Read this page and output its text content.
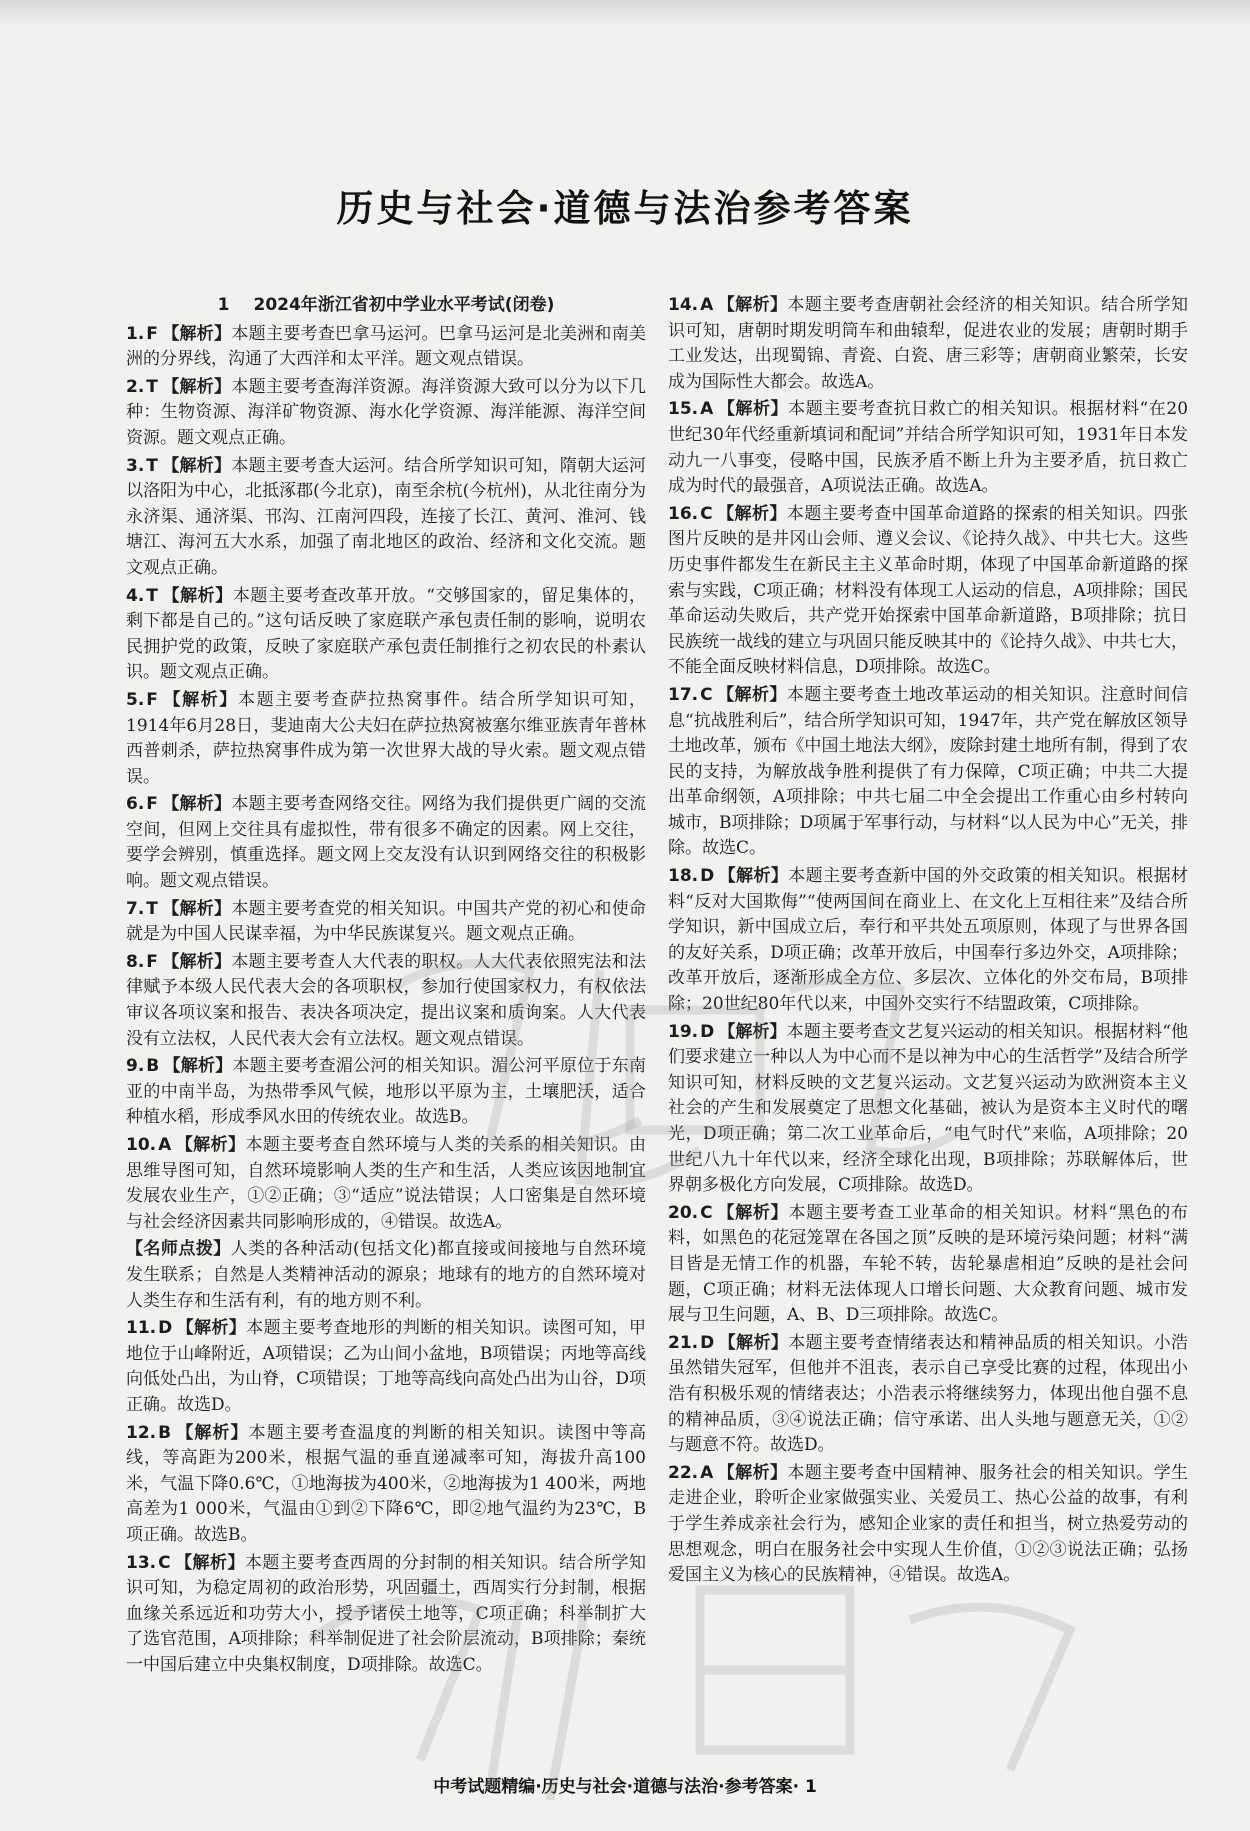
历史与社会·道德与法治参考答案
1 2024年浙江省初中学业水平考试(闭卷)

1. F 【解析】本题主要考查巴拿马运河。巴拿马运河是北美洲和南美洲的分界线，沟通了大西洋和太平洋。题文观点错误。

2. T 【解析】本题主要考查海洋资源。海洋资源大致可以分为以下几种：生物资源、海洋矿物资源、海水化学资源、海洋能源、海洋空间资源。题文观点正确。

3. T 【解析】本题主要考查大运河。结合所学知识可知，隋朝大运河以洛阳为中心，北抵涿郡(今北京)，南至余杭(今杭州)，从北往南分为永济渠、通济渠、邗沟、江南河四段，连接了长江、黄河、淮河、钱塘江、海河五大水系，加强了南北地区的政治、经济和文化交流。题文观点正确。

4. T 【解析】本题主要考查改革开放。“交够国家的，留足集体的，剩下都是自己的。”这句话反映了家庭联产承包责任制的影响，说明农民拥护党的政策，反映了家庭联产承包责任制推行之初农民的朴素认识。题文观点正确。

5. F 【解析】本题主要考查萨拉热窝事件。结合所学知识可知，1914年6月28日，斐迪南大公夫妇在萨拉热窝被塞尔维亚族青年普林西普刺杀，萨拉热窝事件成为第一次世界大战的导火索。题文观点错误。

6. F 【解析】本题主要考查网络交往。网络为我们提供更广阔的交流空间，但网上交往具有虚拟性，带有很多不确定的因素。网上交往，要学会辨别，慎重选择。题文网上交友没有认识到网络交往的积极影响。题文观点错误。

7. T 【解析】本题主要考查党的相关知识。中国共产党的初心和使命就是为中国人民谋幸福，为中华民族谋复兴。题文观点正确。

8. F 【解析】本题主要考查人大代表的职权。人大代表依照宪法和法律赋予本级人民代表大会的各项职权，参加行使国家权力，有权依法审议各项议案和报告、表决各项决定，提出议案和质询案。人大代表没有立法权，人民代表大会有立法权。题文观点错误。

9. B 【解析】本题主要考查湄公河的相关知识。湄公河平原位于东南亚的中南半岛，为热带季风气候，地形以平原为主，土壤肥沃，适合种植水稻，形成季风水田的传统农业。故选B。

10. A 【解析】本题主要考查自然环境与人类的关系的相关知识。由思维导图可知，自然环境影响人类的生产和生活，人类应该因地制宜发展农业生产，①②正确；③“适应”说法错误；人口密集是自然环境与社会经济因素共同影响形成的，④错误。故选A。

【名师点拨】人类的各种活动(包括文化)都直接或间接地与自然环境发生联系；自然是人类精神活动的源泉；地球有的地方的自然环境对人类生存和生活有利，有的地方则不利。

11. D 【解析】本题主要考查地形的判断的相关知识。读图可知，甲地位于山峰附近，A项错误；乙为山间小盆地，B项错误；丙地等高线向低处凸出，为山脊，C项错误；丁地等高线向高处凸出为山谷，D项正确。故选D。

12. B 【解析】本题主要考查温度的判断的相关知识。读图中等高线，等高距为200米，根据气温的垂直递减率可知，海拔升高100米，气温下降0.6℃，①地海拔为400米，②地海拔为1 400米，两地高差为1 000米，气温由①到②下降6℃，即②地气温约为23℃，B项正确。故选B。

13. C 【解析】本题主要考查西周的分封制的相关知识。结合所学知识可知，为稳定周初的政治形势，巩固疆土，西周实行分封制，根据血缘关系远近和功劳大小，授予诸侯土地等，C项正确；科举制扩大了选官范围，A项排除；科举制促进了社会阶层流动，B项排除；秦统一中国后建立中央集权制度，D项排除。故选C。

14. A 【解析】本题主要考查唐朝社会经济的相关知识。结合所学知识可知，唐朝时期发明筒车和曲辕犁，促进农业的发展；唐朝时期手工业发达，出现蜀锦、青瓷、白瓷、唐三彩等；唐朝商业繁荣，长安成为国际性大都会。故选A。

15. A 【解析】本题主要考查抗日救亡的相关知识。根据材料“在20世纪30年代经重新填词和配词”并结合所学知识可知，1931年日本发动九一八事变，侵略中国，民族矛盾不断上升为主要矛盾，抗日救亡成为时代的最强音，A项说法正确。故选A。

16. C 【解析】本题主要考查中国革命道路的探索的相关知识。四张图片反映的是井冈山会师、遵义会议、《论持久战》、中共七大。这些历史事件都发生在新民主主义革命时期，体现了中国革命新道路的探索与实践，C项正确；材料没有体现工人运动的信息，A项排除；国民革命运动失败后，共产党开始探索中国革命新道路，B项排除；抗日民族统一战线的建立与巩固只能反映其中的《论持久战》、中共七大，不能全面反映材料信息，D项排除。故选C。

17. C 【解析】本题主要考查土地改革运动的相关知识。注意时间信息“抗战胜利后”，结合所学知识可知，1947年，共产党在解放区领导土地改革，颁布《中国土地法大纲》，废除封建土地所有制，得到了农民的支持，为解放战争胜利提供了有力保障，C项正确；中共二大提出革命纲领，A项排除；中共七届二中全会提出工作重心由乡村转向城市，B项排除；D项属于军事行动，与材料“以人民为中心”无关，排除。故选C。

18. D 【解析】本题主要考查新中国的外交政策的相关知识。根据材料“反对大国欺侮”“使两国间在商业上、在文化上互相往来”及结合所学知识，新中国成立后，奉行和平共处五项原则，体现了与世界各国的友好关系，D项正确；改革开放后，中国奉行多边外交，A项排除；改革开放后，逐渐形成全方位、多层次、立体化的外交布局，B项排除；20世纪80年代以来，中国外交实行不结盟政策，C项排除。

19. D 【解析】本题主要考查文艺复兴运动的相关知识。根据材料“他们要求建立一种以人为中心而不是以神为中心的生活哲学”及结合所学知识可知，材料反映的文艺复兴运动。文艺复兴运动为欧洲资本主义社会的产生和发展奠定了思想文化基础，被认为是资本主义时代的曙光，D项正确；第二次工业革命后，“电气时代”来临，A项排除；20世纪八九十年代以来，经济全球化出现，B项排除；苏联解体后，世界朝多极化方向发展，C项排除。故选D。

20. C 【解析】本题主要考查工业革命的相关知识。材料“黑色的布料，如黑色的花冠笼罩在各国之顶”反映的是环境污染问题；材料“满目皆是无情工作的机器，车轮不转，齿轮暴虐相迫”反映的是社会问题，C项正确；材料无法体现人口增长问题、大众教育问题、城市发展与卫生问题，A、B、D三项排除。故选C。

21. D 【解析】本题主要考查情绪表达和精神品质的相关知识。小浩虽然错失冠军，但他并不沮丧，表示自己享受比赛的过程，体现出小浩有积极乐观的情绪表达；小浩表示将继续努力，体现出他自强不息的精神品质，③④说法正确；信守承诺、出人头地与题意无关，①②与题意不符。故选D。

22. A 【解析】本题主要考查中国精神、服务社会的相关知识。学生走进企业，聆听企业家做强实业、关爱员工、热心公益的故事，有利于学生养成亲社会行为，感知企业家的责任和担当，树立热爱劳动的思想观念，明白在服务社会中实现人生价值，①②③说法正确；弘扬爱国主义为核心的民族精神，④错误。故选A。

中考试题精编·历史与社会·道德与法治·参考答案· 1
